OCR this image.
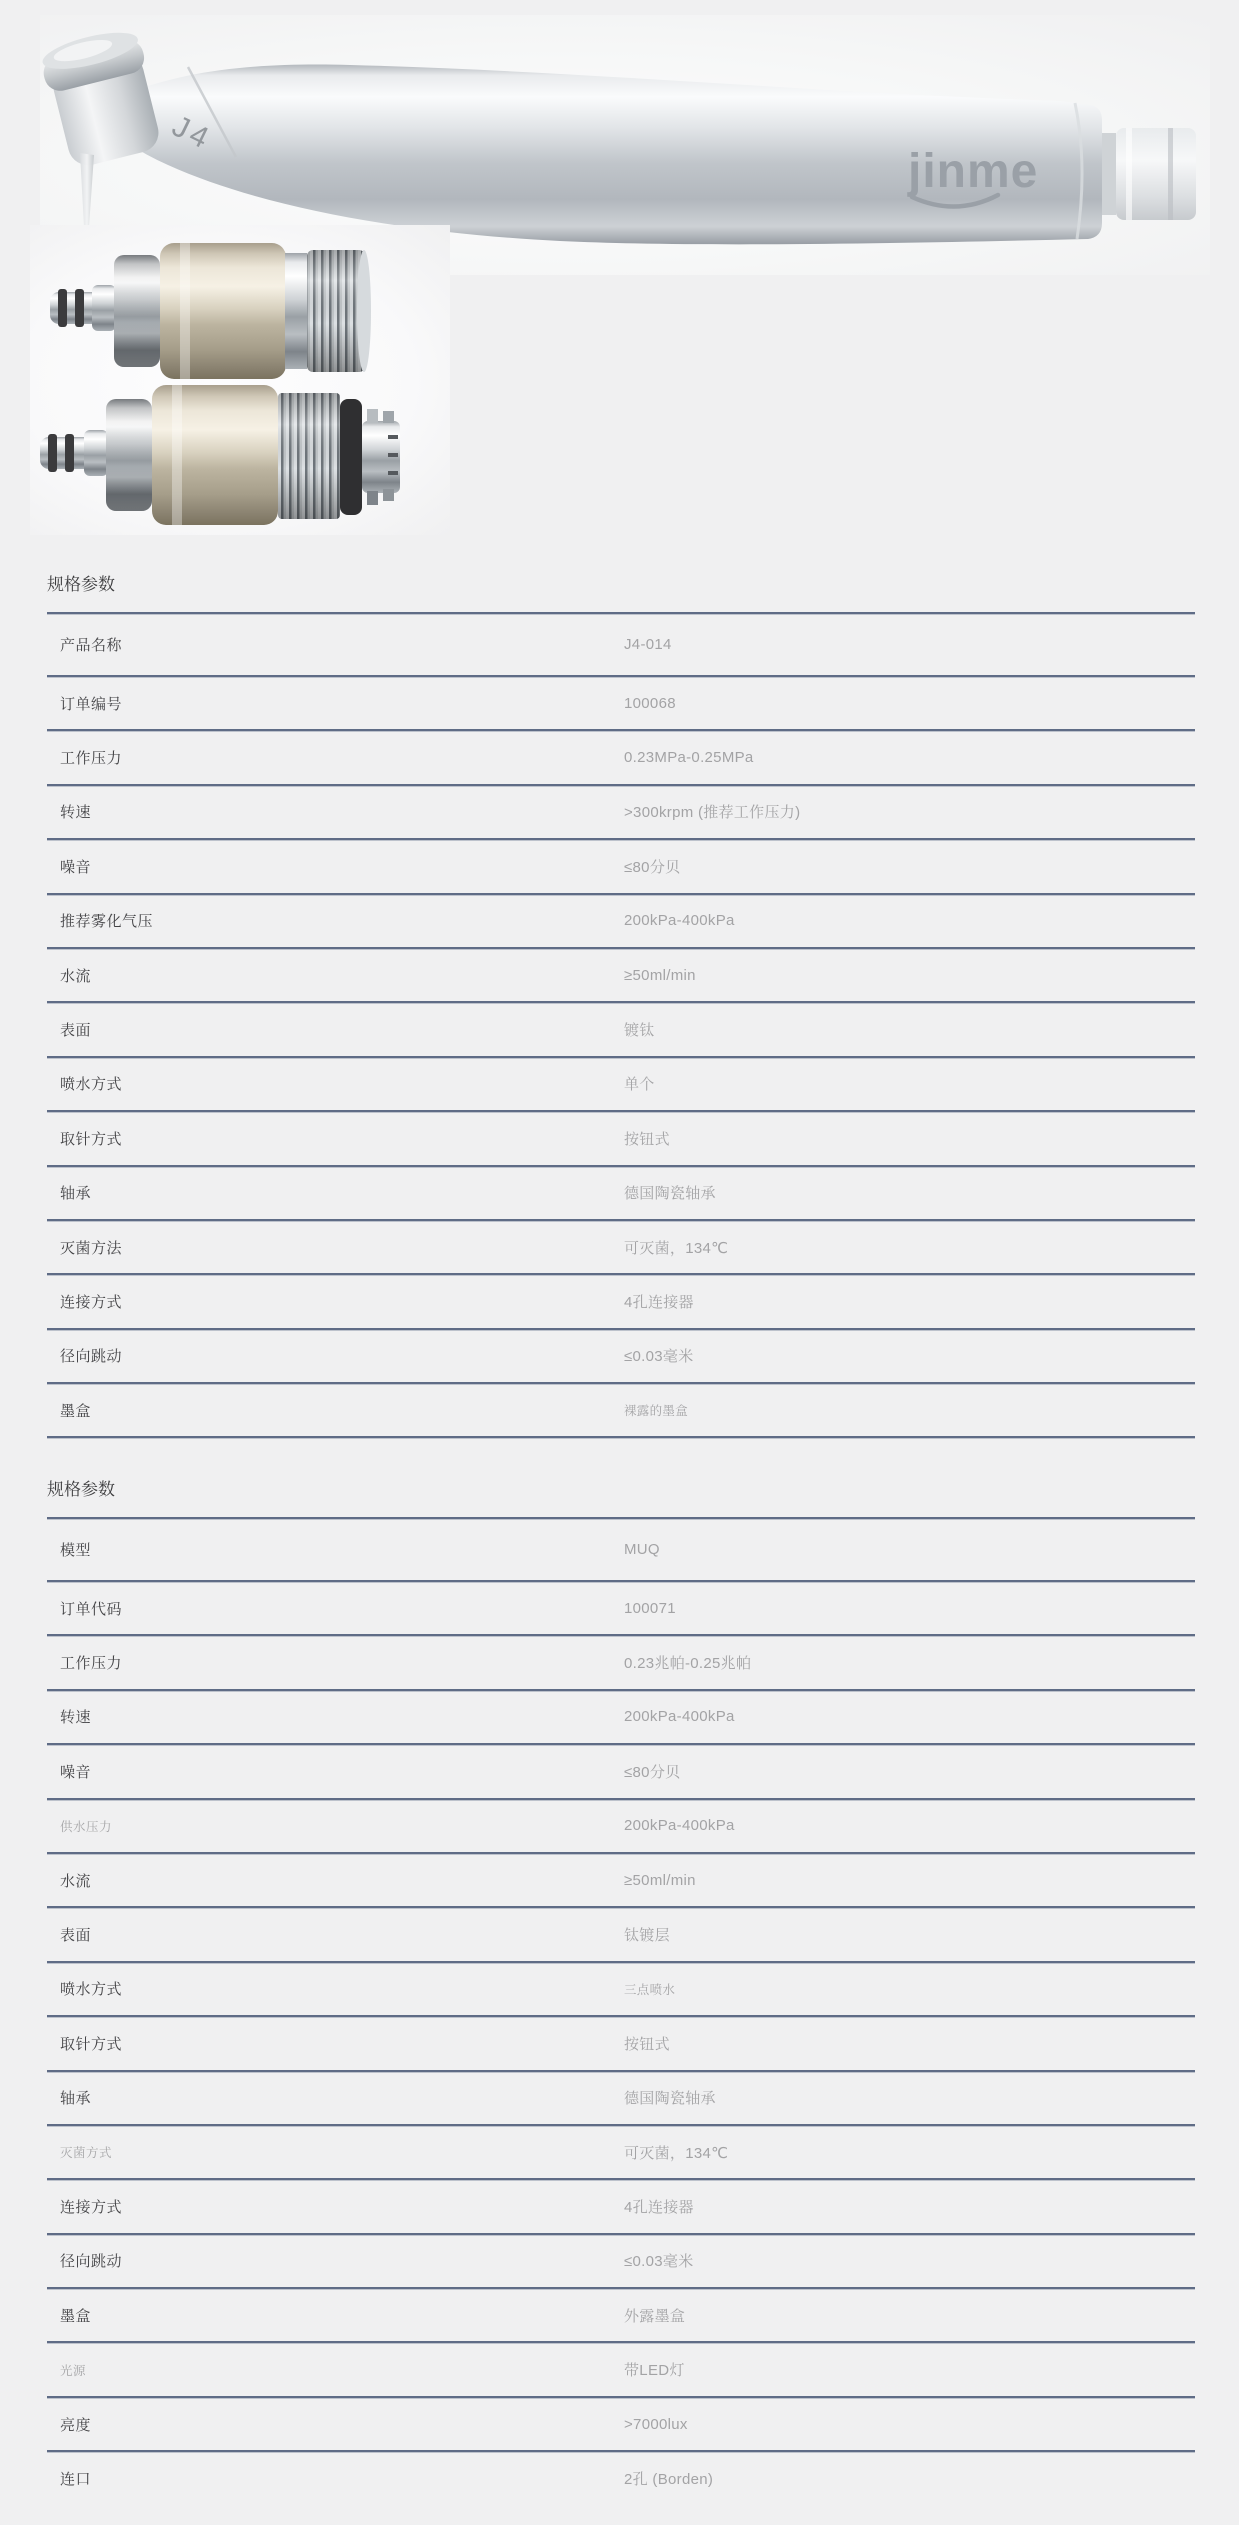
J4
jinme
规格参数
产品名称	J4-014
订单编号	100068
工作压力	0.23MPa-0.25MPa
转速	>300krpm (推荐工作压力)
噪音	≤80分贝
推荐雾化气压	200kPa-400kPa
水流	≥50ml/min
表面	镀钛
喷水方式	单个
取针方式	按钮式
轴承	德国陶瓷轴承
灭菌方法	可灭菌，134℃
连接方式	4孔连接器
径向跳动	≤0.03毫米
墨盒	裸露的墨盒
规格参数
模型	MUQ
订单代码	100071
工作压力	0.23兆帕-0.25兆帕
转速	200kPa-400kPa
噪音	≤80分贝
供水压力	200kPa-400kPa
水流	≥50ml/min
表面	钛镀层
喷水方式	三点喷水
取针方式	按钮式
轴承	德国陶瓷轴承
灭菌方式	可灭菌，134℃
连接方式	4孔连接器
径向跳动	≤0.03毫米
墨盒	外露墨盒
光源	带LED灯
亮度	>7000lux
连口	2孔 (Borden)
